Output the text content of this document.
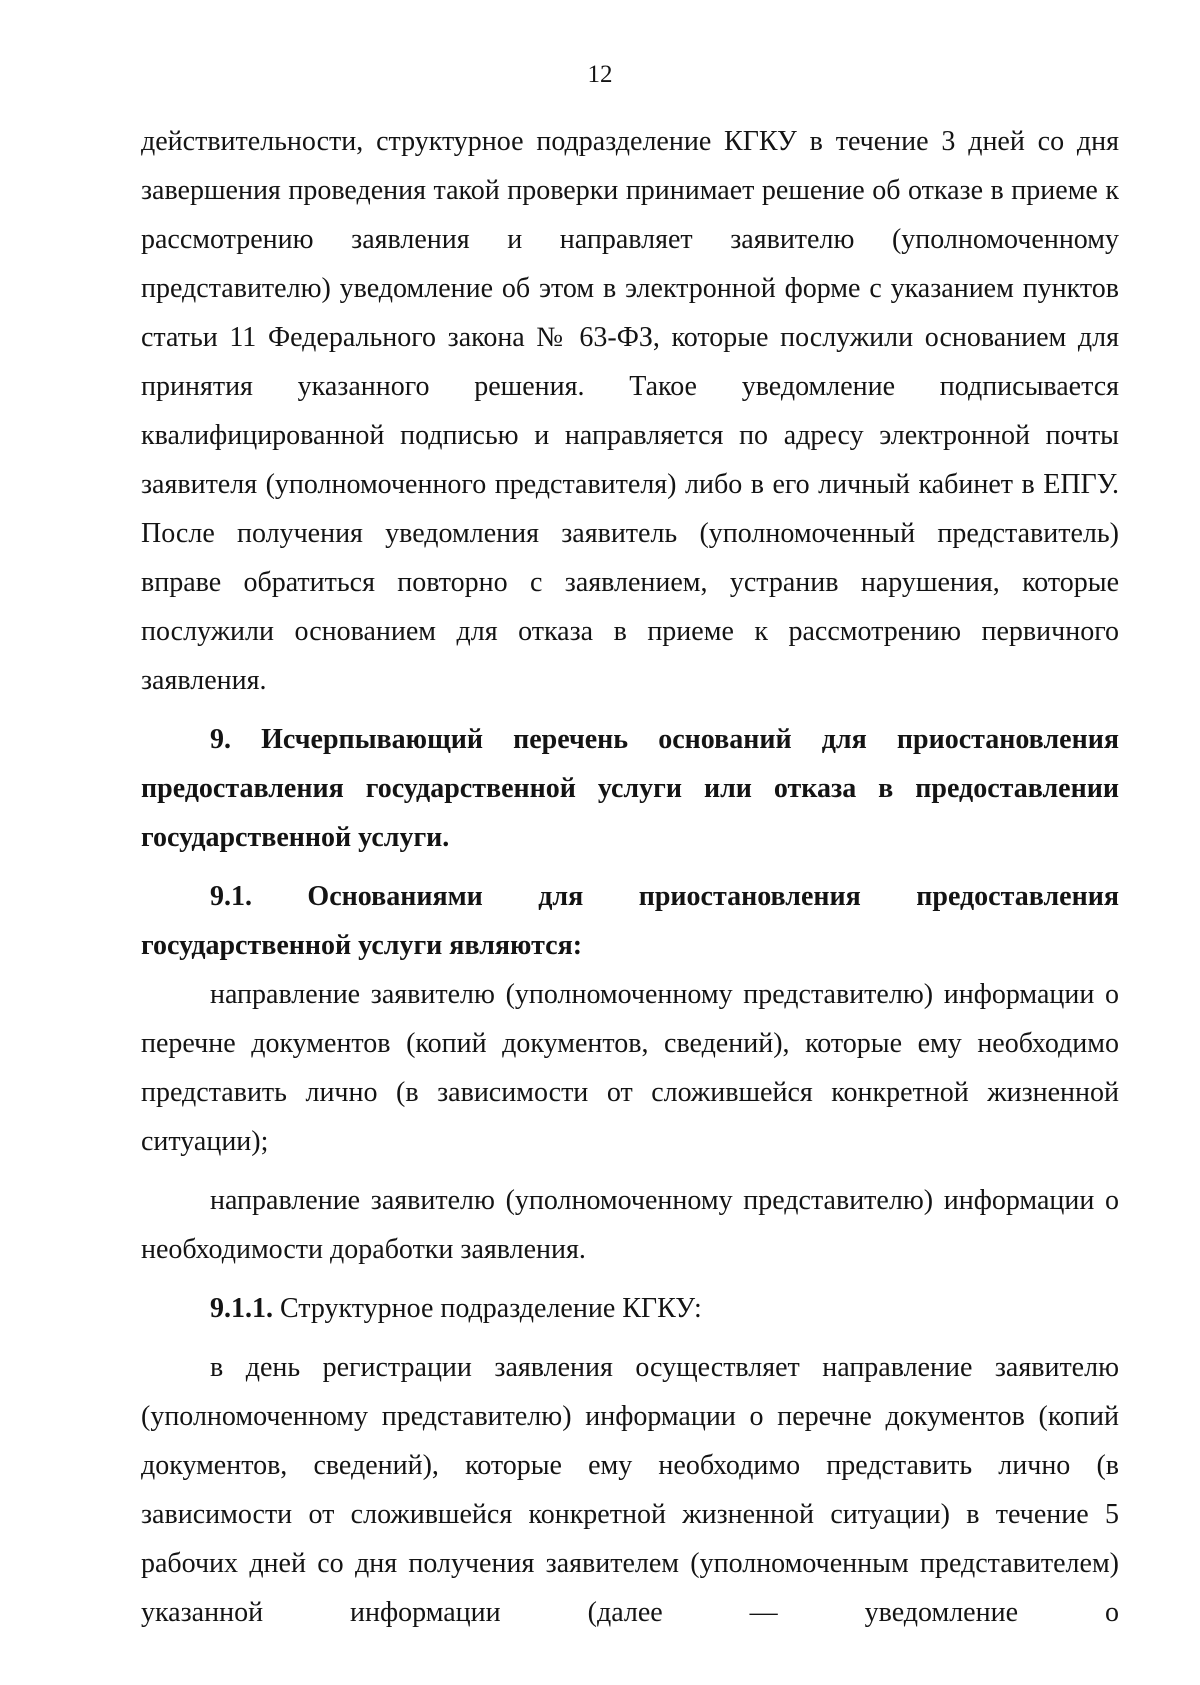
12

действительности, структурное подразделение КГКУ в течение 3 дней со дня завершения проведения такой проверки принимает решение об отказе в приеме к рассмотрению заявления и направляет заявителю (уполномоченному представителю) уведомление об этом в электронной форме с указанием пунктов статьи 11 Федерального закона № 63-ФЗ, которые послужили основанием для принятия указанного решения. Такое уведомление подписывается квалифицированной подписью и направляется по адресу электронной почты заявителя (уполномоченного представителя) либо в его личный кабинет в ЕПГУ. После получения уведомления заявитель (уполномоченный представитель) вправе обратиться повторно с заявлением, устранив нарушения, которые послужили основанием для отказа в приеме к рассмотрению первичного заявления.

9. Исчерпывающий перечень оснований для приостановления предоставления государственной услуги или отказа в предоставлении государственной услуги.

9.1. Основаниями для приостановления предоставления государственной услуги являются:

направление заявителю (уполномоченному представителю) информации о перечне документов (копий документов, сведений), которые ему необходимо представить лично (в зависимости от сложившейся конкретной жизненной ситуации);

направление заявителю (уполномоченному представителю) информации о необходимости доработки заявления.

9.1.1. Структурное подразделение КГКУ:

в день регистрации заявления осуществляет направление заявителю (уполномоченному представителю) информации о перечне документов (копий документов, сведений), которые ему необходимо представить лично (в зависимости от сложившейся конкретной жизненной ситуации) в течение 5 рабочих дней со дня получения заявителем (уполномоченным представителем) указанной информации (далее — уведомление о
